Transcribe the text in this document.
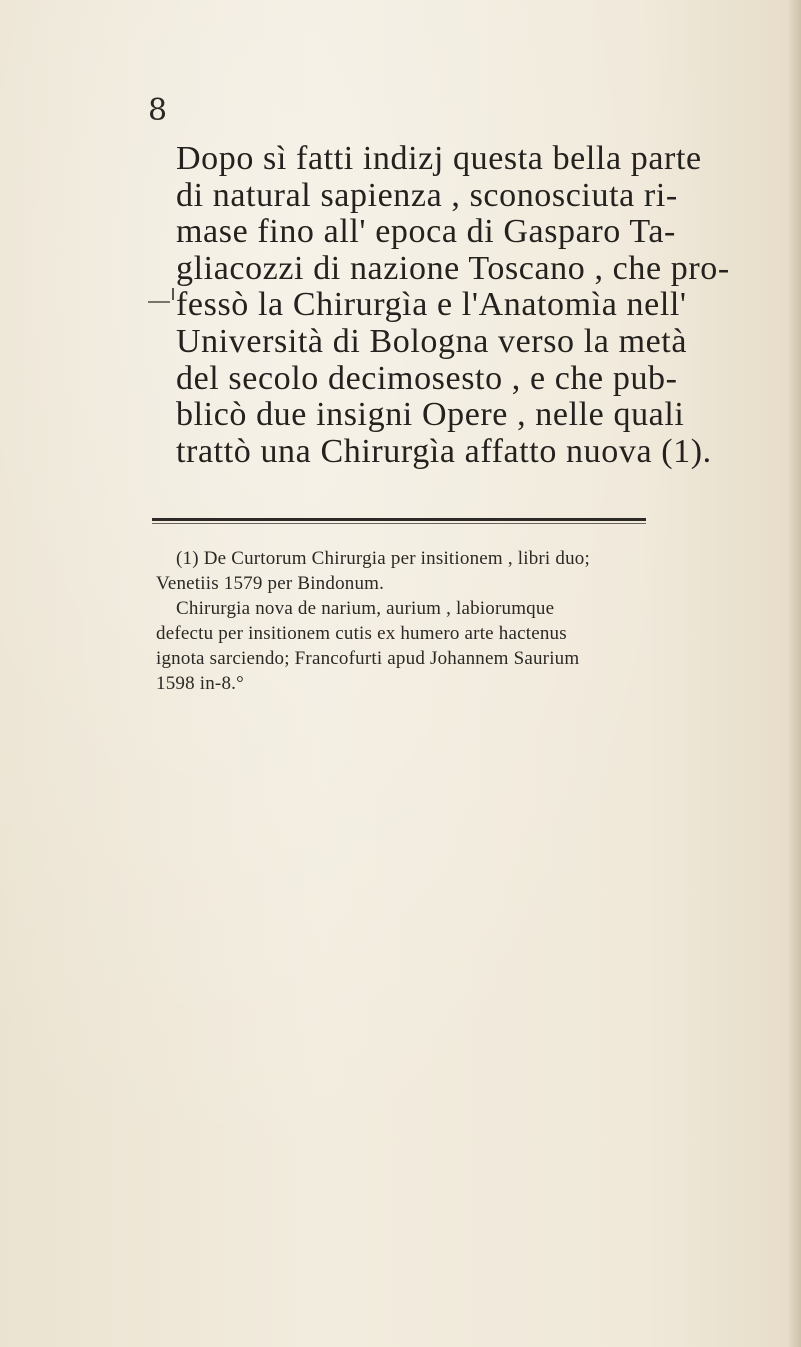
8
Dopo sì fatti indizj questa bella parte
di natural sapienza , sconosciuta ri-
mase fino all' epoca di Gasparo Ta-
gliacozzi di nazione Toscano , che pro-
fessò la Chirurgìa e l'Anatomìa nell'
Università di Bologna verso la metà
del secolo decimosesto , e che pub-
blicò due insigni Opere , nelle quali
trattò una Chirurgìa affatto nuova (1).
(1) De Curtorum Chirurgia per insitionem , libri duo;
Venetiis 1579 per Bindonum.
Chirurgia nova de narium, aurium , labiorumque
defectu per insitionem cutis ex humero arte hactenus
ignota sarciendo; Francofurti apud Johannem Saurium
1598 in-8.°
